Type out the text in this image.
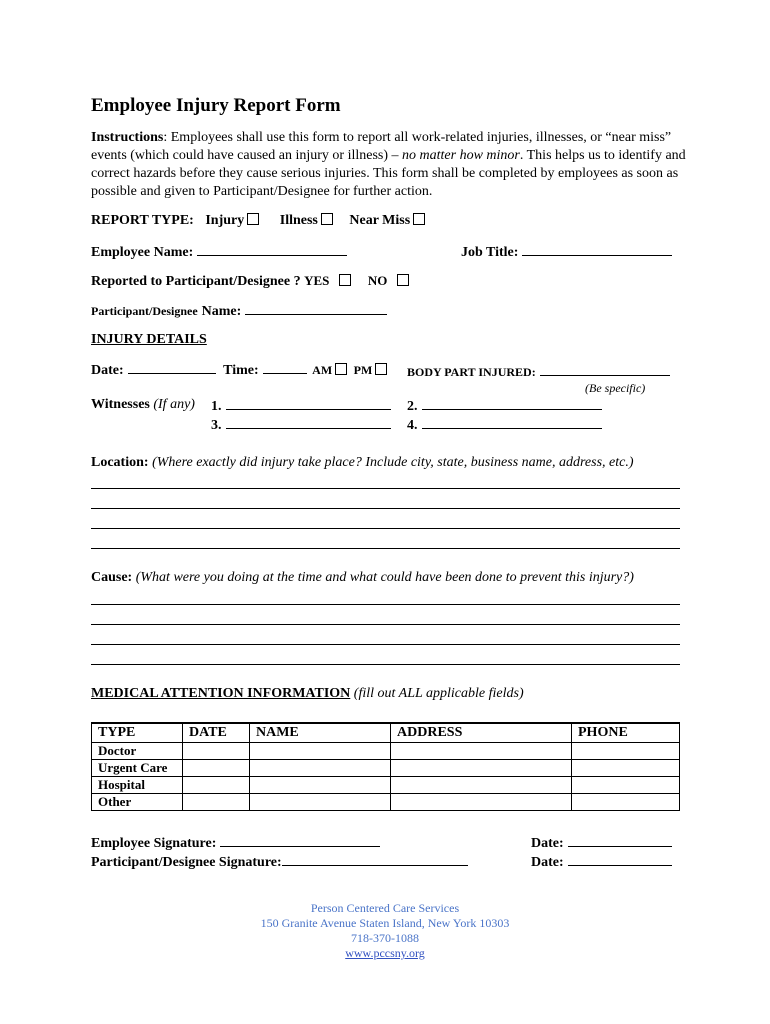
Employee Injury Report Form

Instructions: Employees shall use this form to report all work-related injuries, illnesses, or “near miss” events (which could have caused an injury or illness) – no matter how minor. This helps us to identify and correct hazards before they cause serious injuries. This form shall be completed by employees as soon as possible and given to Participant/Designee for further action.

REPORT TYPE: Injury	Illness Near Miss
Employee Name:	Job Title:
Reported to Participant/Designee ? YES	NO
Participant/Designee Name:
INJURY DETAILS
Date:	Time:	AM PM	BODY PART INJURED:
(Be specific)
Witnesses (If any) 1.	2.
3.	4.
Location: (Where exactly did injury take place? Include city, state, business name, address, etc.)
Cause: (What were you doing at the time and what could have been done to prevent this injury?)
MEDICAL ATTENTION INFORMATION (fill out ALL applicable fields)
TYPE	DATE	NAME	ADDRESS	PHONE
Doctor				
Urgent Care				
Hospital				
Other				
Employee Signature:	Date:
Participant/Designee Signature:	Date:
Person Centered Care Services
150 Granite Avenue Staten Island, New York 10303
718-370-1088
www.pccsny.org
